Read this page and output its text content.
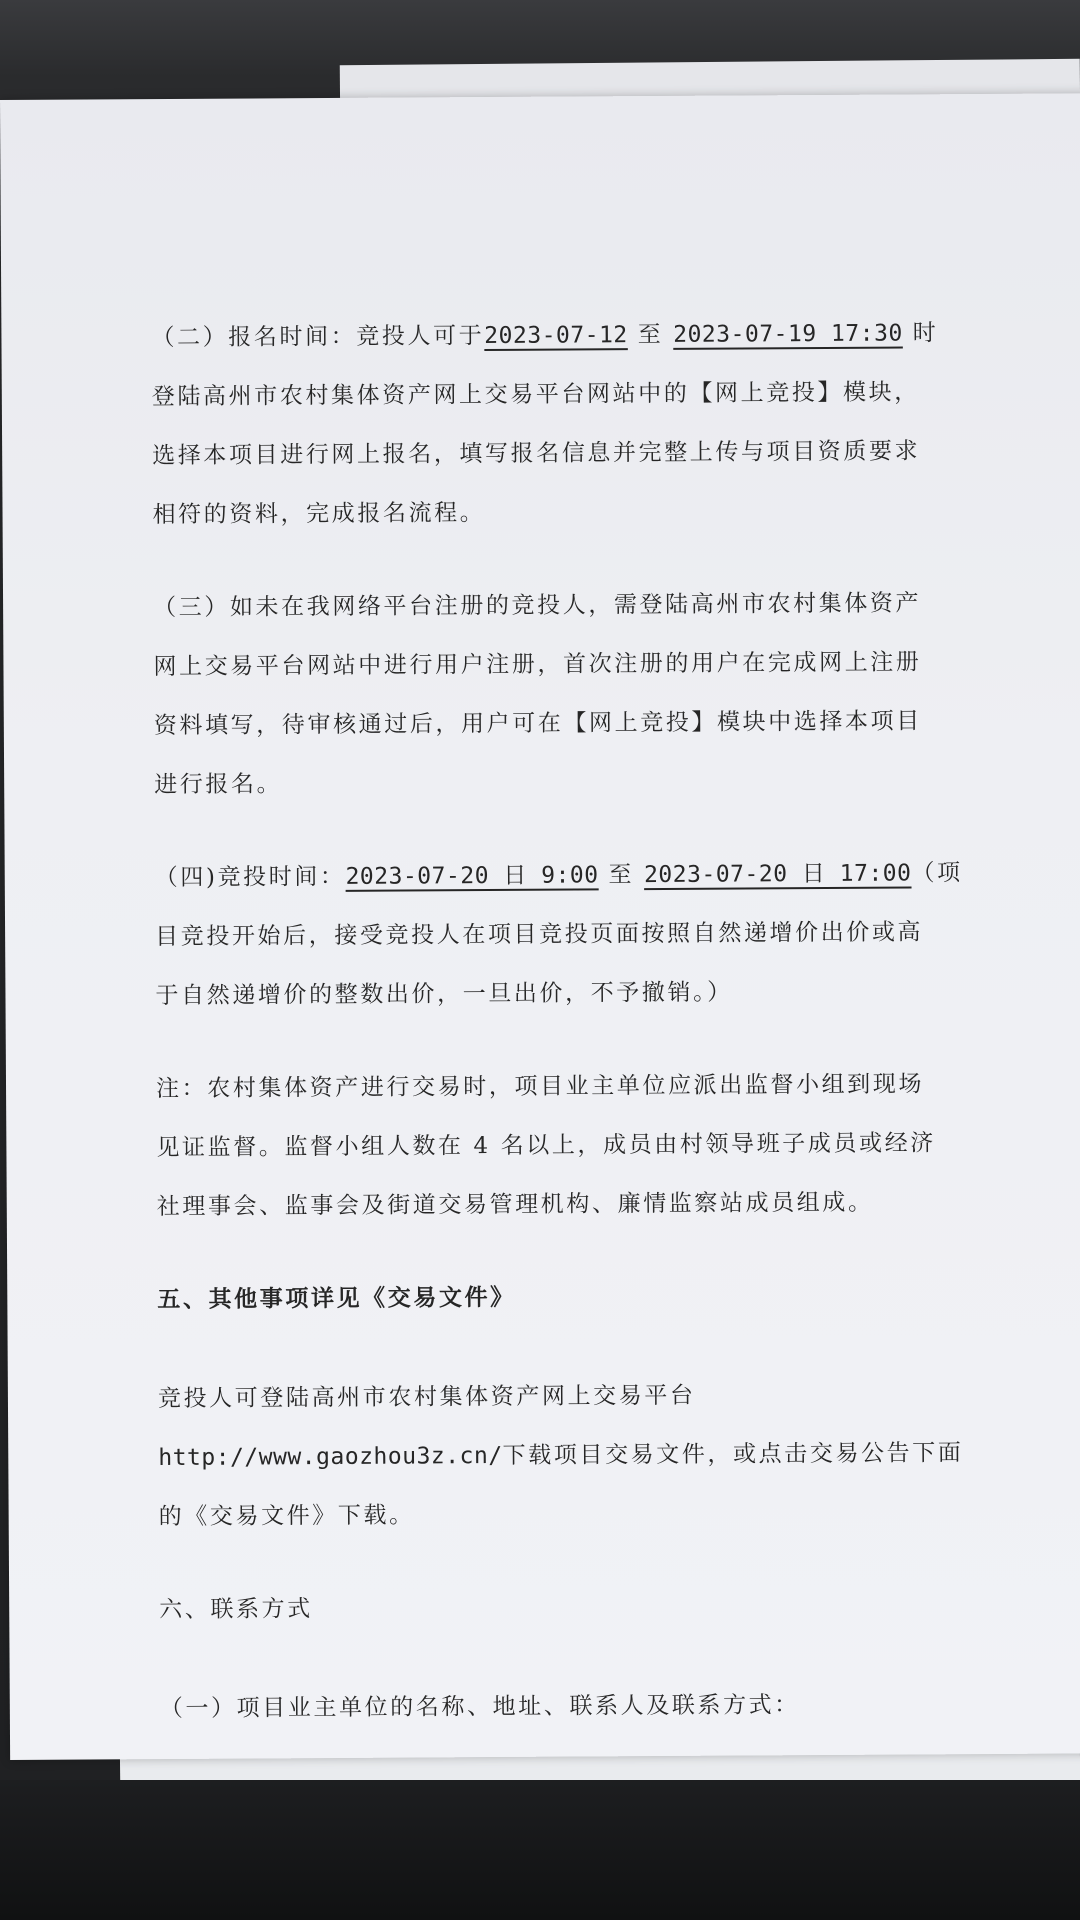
（二）报名时间：竞投人可于2023-07-12 至 2023-07-19 17:30 时
登陆高州市农村集体资产网上交易平台网站中的【网上竞投】模块，
选择本项目进行网上报名，填写报名信息并完整上传与项目资质要求
相符的资料，完成报名流程。
（三）如未在我网络平台注册的竞投人，需登陆高州市农村集体资产
网上交易平台网站中进行用户注册，首次注册的用户在完成网上注册
资料填写，待审核通过后，用户可在【网上竞投】模块中选择本项目
进行报名。
（四)竞投时间：2023-07-20 日 9:00 至 2023-07-20 日 17:00（项
目竞投开始后，接受竞投人在项目竞投页面按照自然递增价出价或高
于自然递增价的整数出价，一旦出价，不予撤销。）
注：农村集体资产进行交易时，项目业主单位应派出监督小组到现场
见证监督。监督小组人数在 4 名以上，成员由村领导班子成员或经济
社理事会、监事会及街道交易管理机构、廉情监察站成员组成。
五、其他事项详见《交易文件》
竞投人可登陆高州市农村集体资产网上交易平台
http://www.gaozhou3z.cn/下载项目交易文件，或点击交易公告下面
的《交易文件》下载。
六、联系方式
（一）项目业主单位的名称、地址、联系人及联系方式：
